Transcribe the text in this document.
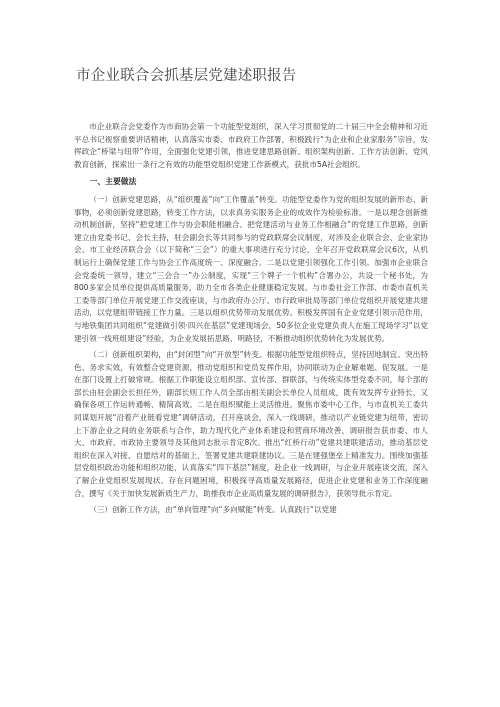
市企业联合会抓基层党建述职报告

市企业联合会党委作为市商协会第一个功能型党组织，深入学习贯彻党的二十届三中全会精神和习近平总书记视察重要讲话精神，认真落实市委、市政府工作部署，积极践行“为企业和企业家服务”宗旨，发挥政企“桥梁与纽带”作用，全面强化党建引领，推进党建思路创新、组织架构创新、工作方法创新、党风教育创新，探索出一条行之有效的功能型党组织党建工作新模式，获批市5A社会组织。

一、主要做法

（一）创新党建思路，从“组织覆盖”向“工作覆盖”转变。功能型党委作为党的组织发展的新形态、新事物，必须创新党建思路，转变工作方法，以求真务实服务企业的成效作为检验标准。一是以理念创新推动机制创新，坚持“把党建工作与协会职能相融合、把党建活动与业务工作相融合”的党建工作思路，创新建立由党委书记、会长主持，驻会副会长等共同参与的党政联席会议制度，对涉及企业联合会、企业家协会、市工业经济联合会（以下简称“三会”）的重大事项进行充分讨论，全年召开党政联席会议6次，从机制运行上确保党建工作与协会工作高度统一、深度融合。二是以党建引领强化工作引领。加强市企业联合会党委统一领导，建立“三会合一”办公制度，实现“三个牌子一个机构”合署办公，共设一个秘书处，为800多家会员单位提供高质量服务，助力全市各类企业健康稳定发展。与市委社会工作部、市委市直机关工委等部门单位开展党建工作交流座谈，与市政府办公厅、市行政审批局等部门单位党组织开展党建共建活动，以党建组带链接工作力量。三是以组织优势带动发展优势。积极发挥国有企业党建引领示范作用，与地铁集团共同组织“党建做引领·四兴在基层”党建现场会，50多位企业党建负责人在施工现场学习“以党建引领一线班组建设”经验，为企业发展拓思路、明路径，不断推动组织优势转化为发展优势。

（二）创新组织架构，由“封闭型”向“开放型”转变。根据功能型党组织特点，坚持因地制宜、突出特色、务求实效，有效整合党建资源，推动党组织和党员发挥作用，协同联动为企业解难题、促发展。一是在部门设置上打破常规。根据工作职能设立组织部、宣传部、群联部，与传统实体型党委不同，每个部的部长由驻会副会长担任外，副部长则工作人员全部由相关副会长单位人员组成，既有效发挥专业特长，又确保各项工作运转通畅、精简高效。二是在组织赋能上灵活推进。聚焦市委中心工作，与市直机关工委共同谋划开展“沿着产业链看党建”调研活动，召开座谈会，深入一线调研，推动以产业链党建为纽带，密切上下游企业之间的业务联系与合作，助力现代化产业体系建设和营商环境改善，调研报告获市委、市人大、市政府、市政协主要领导及其他同志批示肯定8次。推出“红桥行动”党建共建联建活动，推动基层党组织在深入对接、自愿结对的基础上，签署党建共建联建协议。三是在建强堡垒上精准发力。围绕加强基层党组织政治功能和组织功能，认真落实“四下基层”制度，赴企业一线调研，与企业开展座谈交流，深入了解企业党组织发展现状、存在问题困境，积极探寻高质量发展路径，促进企业党建和业务工作深度融合，撰写《关于加快发展新质生产力，助推我市企业高质量发展的调研报告》，获领导批示肯定。

（三）创新工作方法，由“单向管理”向“多向赋能”转变。认真践行“以党建
